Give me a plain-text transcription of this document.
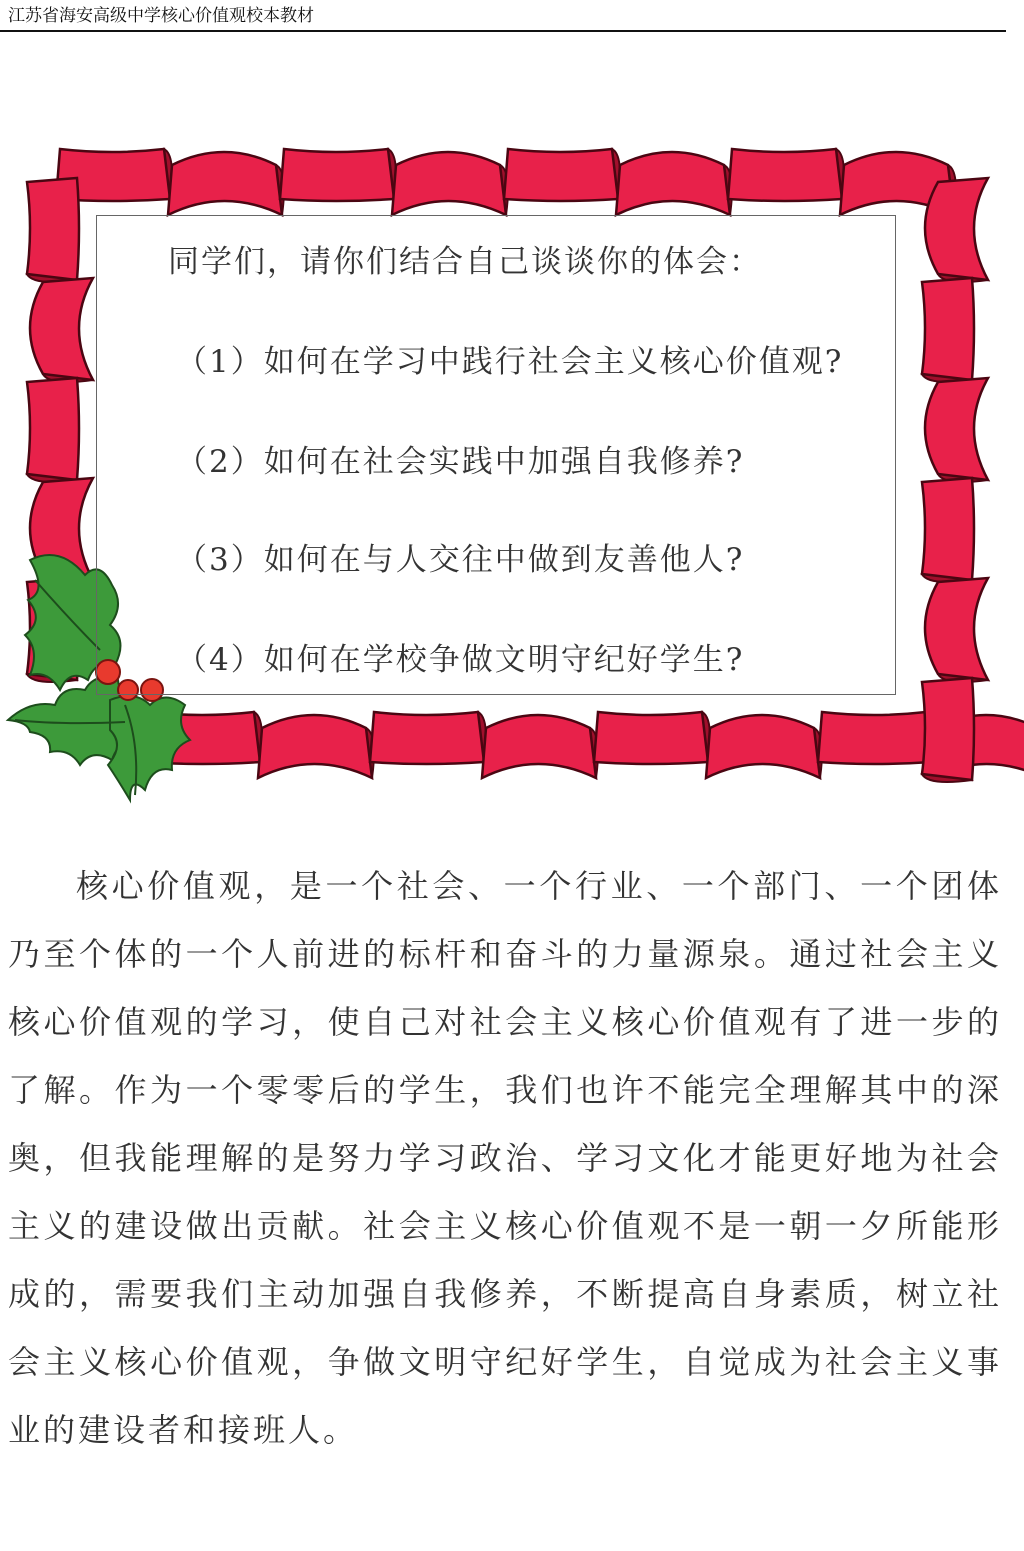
江苏省海安高级中学核心价值观校本教材
同学们，请你们结合自己谈谈你的体会：
（1）如何在学习中践行社会主义核心价值观?
（2）如何在社会实践中加强自我修养?
（3）如何在与人交往中做到友善他人?
（4）如何在学校争做文明守纪好学生?

核心价值观，是一个社会、一个行业、一个部门、一个团体乃至个体的一个人前进的标杆和奋斗的力量源泉。通过社会主义核心价值观的学习，使自己对社会主义核心价值观有了进一步的了解。作为一个零零后的学生，我们也许不能完全理解其中的深奥，但我能理解的是努力学习政治、学习文化才能更好地为社会主义的建设做出贡献。社会主义核心价值观不是一朝一夕所能形成的，需要我们主动加强自我修养，不断提高自身素质，树立社会主义核心价值观，争做文明守纪好学生，自觉成为社会主义事业的建设者和接班人。
